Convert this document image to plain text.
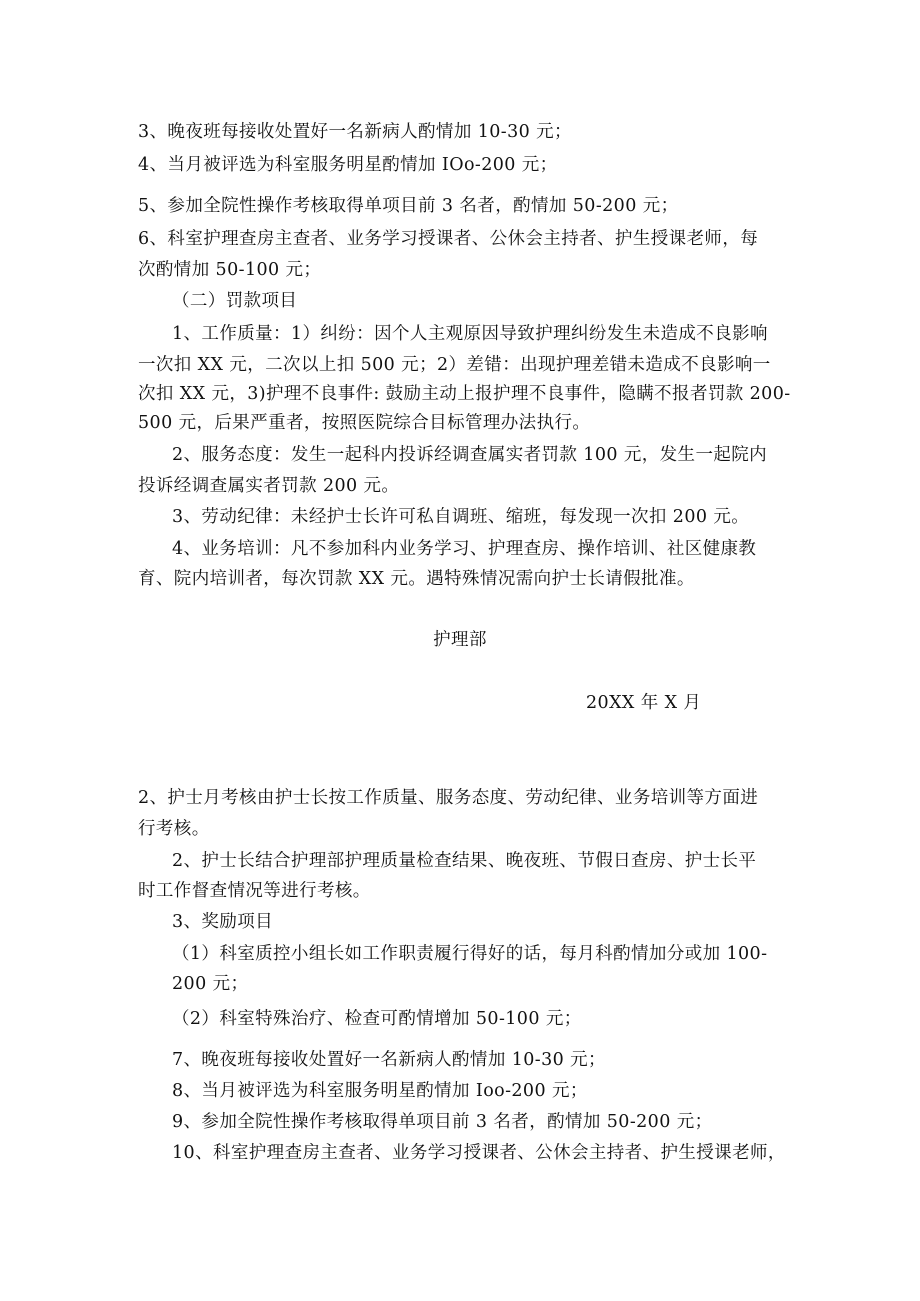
3、晚夜班每接收处置好一名新病人酌情加 10-30 元；
4、当月被评选为科室服务明星酌情加 IOo-200 元；
5、参加全院性操作考核取得单项目前 3 名者，酌情加 50-200 元；
6、科室护理查房主查者、业务学习授课者、公休会主持者、护生授课老师，每
次酌情加 50-100 元；
（二）罚款项目
1、工作质量：1）纠纷：因个人主观原因导致护理纠纷发生未造成不良影响
一次扣 XX 元，二次以上扣 500 元；2）差错：出现护理差错未造成不良影响一
次扣 XX 元，3)护理不良事件: 鼓励主动上报护理不良事件，隐瞒不报者罚款 200-
500 元，后果严重者，按照医院综合目标管理办法执行。
2、服务态度：发生一起科内投诉经调查属实者罚款 100 元，发生一起院内
投诉经调查属实者罚款 200 元。
3、劳动纪律：未经护士长许可私自调班、缩班，每发现一次扣 200 元。
4、业务培训：凡不参加科内业务学习、护理查房、操作培训、社区健康教
育、院内培训者，每次罚款 XX 元。遇特殊情况需向护士长请假批准。
护理部
20XX 年 X 月
2、护士月考核由护士长按工作质量、服务态度、劳动纪律、业务培训等方面进
行考核。
2、护士长结合护理部护理质量检查结果、晚夜班、节假日查房、护士长平
时工作督查情况等进行考核。
3、奖励项目
（1）科室质控小组长如工作职责履行得好的话，每月科酌情加分或加 100-
200 元；
（2）科室特殊治疗、检查可酌情增加 50-100 元；
7、晚夜班每接收处置好一名新病人酌情加 10-30 元；
8、当月被评选为科室服务明星酌情加 Ioo-200 元；
9、参加全院性操作考核取得单项目前 3 名者，酌情加 50-200 元；
10、科室护理查房主查者、业务学习授课者、公休会主持者、护生授课老师，
